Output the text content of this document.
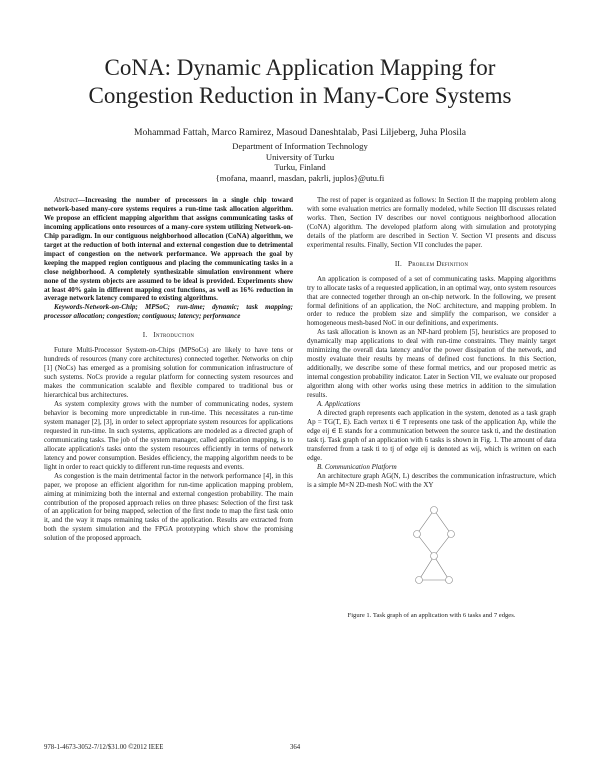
CoNA: Dynamic Application Mapping for
Congestion Reduction in Many-Core Systems
Mohammad Fattah, Marco Ramirez, Masoud Daneshtalab, Pasi Liljeberg, Juha Plosila
Department of Information Technology
University of Turku
Turku, Finland
{mofana, maanrl, masdan, pakrli, juplos}@utu.fi

Abstract—Increasing the number of processors in a single chip toward network-based many-core systems requires a run-time task allocation algorithm. We propose an efficient mapping algorithm that assigns communicating tasks of incoming applications onto resources of a many-core system utilizing Network-on-Chip paradigm. In our contiguous neighborhood allocation (CoNA) algorithm, we target at the reduction of both internal and external congestion due to detrimental impact of congestion on the network performance. We approach the goal by keeping the mapped region contiguous and placing the communicating tasks in a close neighborhood. A completely synthesizable simulation environment where none of the system objects are assumed to be ideal is provided. Experiments show at least 40% gain in different mapping cost functions, as well as 16% reduction in average network latency compared to existing algorithms.

Keywords-Network-on-Chip; MPSoC; run-time; dynamic; task mapping; processor allocation; congestion; contiguous; latency; performance

I. Introduction

Future Multi-Processor System-on-Chips (MPSoCs) are likely to have tens or hundreds of resources (many core architectures) connected together. Networks on chip [1] (NoCs) has emerged as a promising solution for communication infrastructure of such systems. NoCs provide a regular platform for connecting system resources and makes the communication scalable and flexible compared to traditional bus or hierarchical bus architectures.

As system complexity grows with the number of communicating nodes, system behavior is becoming more unpredictable in run-time. This necessitates a run-time system manager [2], [3], in order to select appropriate system resources for applications requested in run-time. In such systems, applications are modeled as a directed graph of communicating tasks. The job of the system manager, called application mapping, is to allocate application's tasks onto the system resources efficiently in terms of network latency and power consumption. Besides efficiency, the mapping algorithm needs to be light in order to react quickly to different run-time requests and events.

As congestion is the main detrimental factor in the network performance [4], in this paper, we propose an efficient algorithm for run-time application mapping problem, aiming at minimizing both the internal and external congestion probability. The main contribution of the proposed approach relies on three phases: Selection of the first task of an application for being mapped, selection of the first node to map the first task onto it, and the way it maps remaining tasks of the application. Results are extracted from both the system simulation and the FPGA prototyping which show the promising solution of the proposed approach.

The rest of paper is organized as follows: In Section II the mapping problem along with some evaluation metrics are formally modeled, while Section III discusses related works. Then, Section IV describes our novel contiguous neighborhood allocation (CoNA) algorithm. The developed platform along with simulation and prototyping details of the platform are described in Section V. Section VI presents and discuss experimental results. Finally, Section VII concludes the paper.

II. Problem Definition

An application is composed of a set of communicating tasks. Mapping algorithms try to allocate tasks of a requested application, in an optimal way, onto system resources that are connected together through an on-chip network. In the following, we present formal definitions of an application, the NoC architecture, and mapping problem. In order to reduce the problem size and simplify the comparison, we consider a homogeneous mesh-based NoC in our definitions, and experiments.

As task allocation is known as an NP-hard problem [5], heuristics are proposed to dynamically map applications to deal with run-time constraints. They mainly target minimizing the overall data latency and/or the power dissipation of the network, and mostly evaluate their results by means of defined cost functions. In this Section, additionally, we describe some of these formal metrics, and our proposed metric as internal congestion probability indicator. Later in Section VII, we evaluate our proposed algorithm along with other works using these metrics in addition to the simulation results.

A. Applications

A directed graph represents each application in the system, denoted as a task graph Ap = TG(T, E). Each vertex ti ∈ T represents one task of the application Ap, while the edge eij ∈ E stands for a communication between the source task ti, and the destination task tj. Task graph of an application with 6 tasks is shown in Fig. 1. The amount of data transferred from a task ti to tj of edge eij is denoted as wij, which is written on each edge.

B. Communication Platform

An architecture graph AG(N, L) describes the communication infrastructure, which is a simple M×N 2D-mesh NoC with the XY

Figure 1. Task graph of an application with 6 tasks and 7 edges.
978-1-4673-3052-7/12/$31.00 ©2012 IEEE	364
